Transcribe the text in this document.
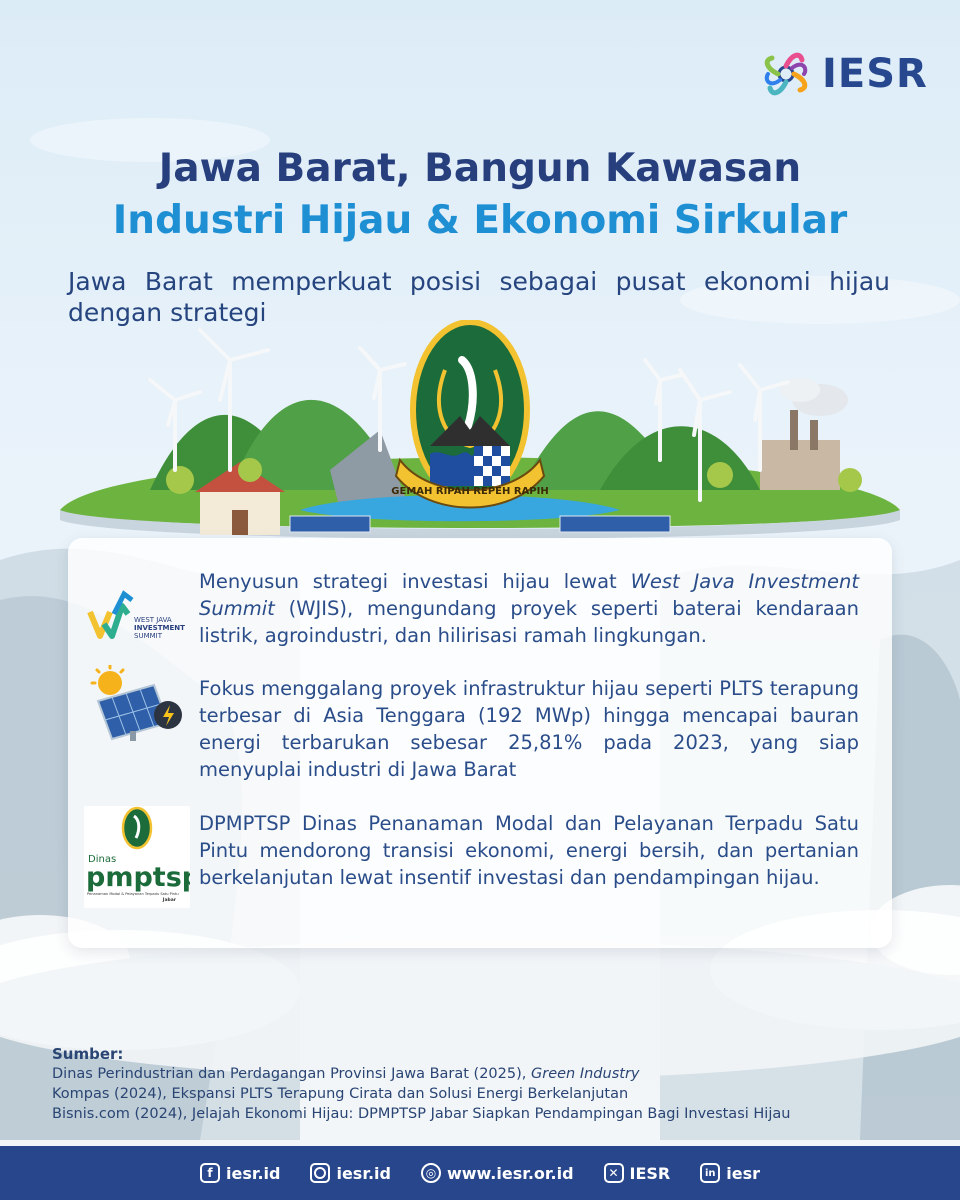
IESR
Jawa Barat, Bangun Kawasan
Industri Hijau & Ekonomi Sirkular

Jawa Barat memperkuat posisi sebagai pusat ekonomi hijau dengan strategi

GEMAH RIPAH REPEH RAPIH
WEST JAVA
INVESTMENT
SUMMIT

Menyusun strategi investasi hijau lewat West Java Investment Summit (WJIS), mengundang proyek seperti baterai kendaraan listrik, agroindustri, dan hilirisasi ramah lingkungan.

Fokus menggalang proyek infrastruktur hijau seperti PLTS terapung terbesar di Asia Tenggara (192 MWp) hingga mencapai bauran energi terbarukan sebesar 25,81% pada 2023, yang siap menyuplai industri di Jawa Barat

Dinas
pmptsp
Penanaman Modal & Pelayanan Terpadu Satu Pintu
Jabar

DPMPTSP Dinas Penanaman Modal dan Pelayanan Terpadu Satu Pintu mendorong transisi ekonomi, energi bersih, dan pertanian berkelanjutan lewat insentif investasi dan pendampingan hijau.

Sumber:
Dinas Perindustrian dan Perdagangan Provinsi Jawa Barat (2025), Green Industry
Kompas (2024), Ekspansi PLTS Terapung Cirata dan Solusi Energi Berkelanjutan
Bisnis.com (2024), Jelajah Ekonomi Hijau: DPMPTSP Jabar Siapkan Pendampingan Bagi Investasi Hijau
f iesr.id	iesr.id	◎ www.iesr.or.id	✕ IESR	in iesr
